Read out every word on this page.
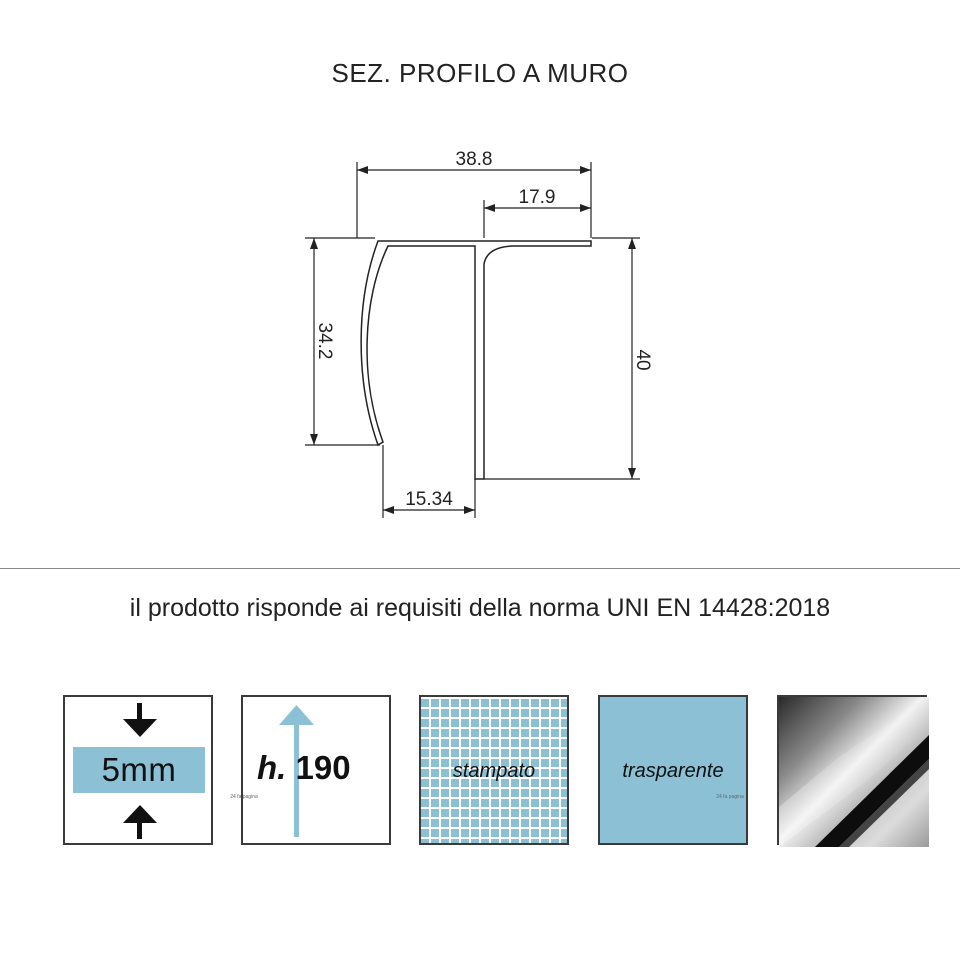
SEZ. PROFILO A MURO
38.8
17.9
34.2
40
15.34
il prodotto risponde ai requisiti della norma UNI EN 14428:2018
5mm	h. 190
24 fa pagina
stampato	trasparente
24 fa pagina
